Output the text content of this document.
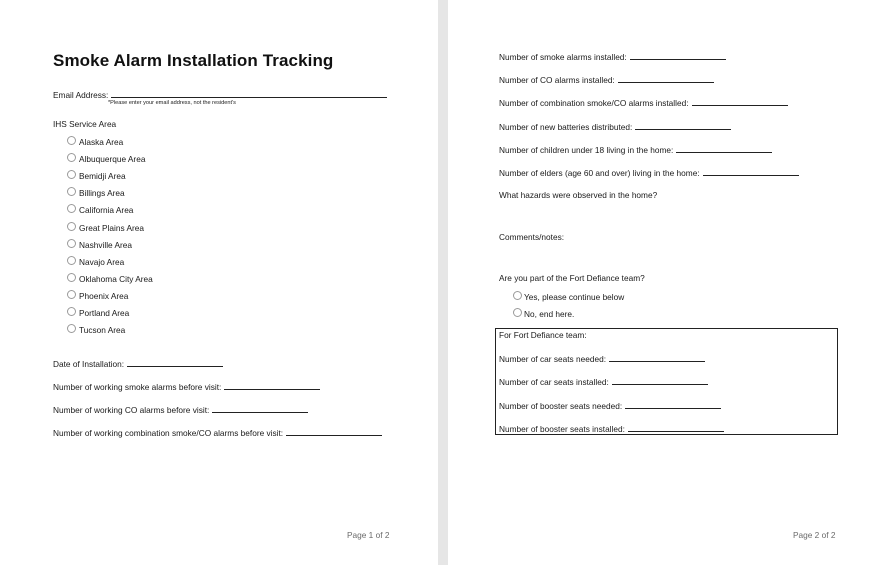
Smoke Alarm Installation Tracking
Email Address:
*Please enter your email address, not the resident's
IHS Service Area
Alaska Area
Albuquerque Area
Bemidji Area
Billings Area
California Area
Great Plains Area
Nashville Area
Navajo Area
Oklahoma City Area
Phoenix Area
Portland Area
Tucson Area
Date of Installation:
Number of working smoke alarms before visit:
Number of working CO alarms before visit:
Number of working combination smoke/CO alarms before visit:
Page 1 of 2
Number of smoke alarms installed:
Number of CO alarms installed:
Number of combination smoke/CO alarms installed:
Number of new batteries distributed:
Number of children under 18 living in the home:
Number of elders (age 60 and over) living in the home:
What hazards were observed in the home?
Comments/notes:
Are you part of the Fort Defiance team?
Yes, please continue below
No, end here.
For Fort Defiance team:
Number of car seats needed:
Number of car seats installed:
Number of booster seats needed:
Number of booster seats installed:
Page 2 of 2
